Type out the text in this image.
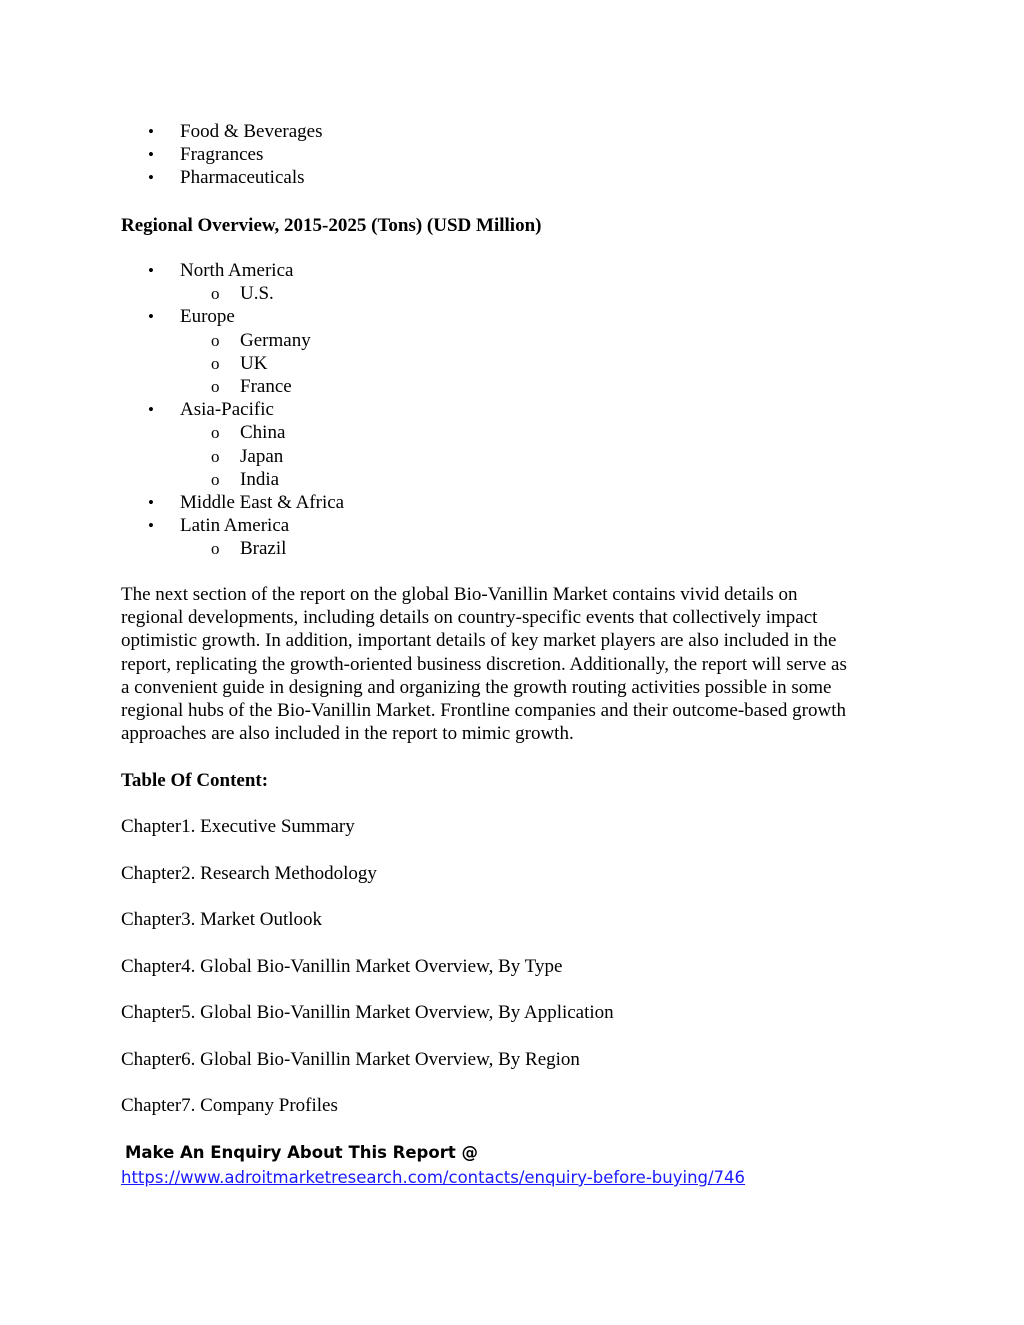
• Food & Beverages
• Fragrances
• Pharmaceuticals
Regional Overview, 2015-2025 (Tons) (USD Million)
• North America
o U.S.
• Europe
o Germany
o UK
o France
• Asia-Pacific
o China
o Japan
o India
• Middle East & Africa
• Latin America
o Brazil
The next section of the report on the global Bio-Vanillin Market contains vivid details on
regional developments, including details on country-specific events that collectively impact
optimistic growth. In addition, important details of key market players are also included in the
report, replicating the growth-oriented business discretion. Additionally, the report will serve as
a convenient guide in designing and organizing the growth routing activities possible in some
regional hubs of the Bio-Vanillin Market. Frontline companies and their outcome-based growth
approaches are also included in the report to mimic growth.
Table Of Content:
Chapter1. Executive Summary
Chapter2. Research Methodology
Chapter3. Market Outlook
Chapter4. Global Bio-Vanillin Market Overview, By Type
Chapter5. Global Bio-Vanillin Market Overview, By Application
Chapter6. Global Bio-Vanillin Market Overview, By Region
Chapter7. Company Profiles
Make An Enquiry About This Report @
https://www.adroitmarketresearch.com/contacts/enquiry-before-buying/746
